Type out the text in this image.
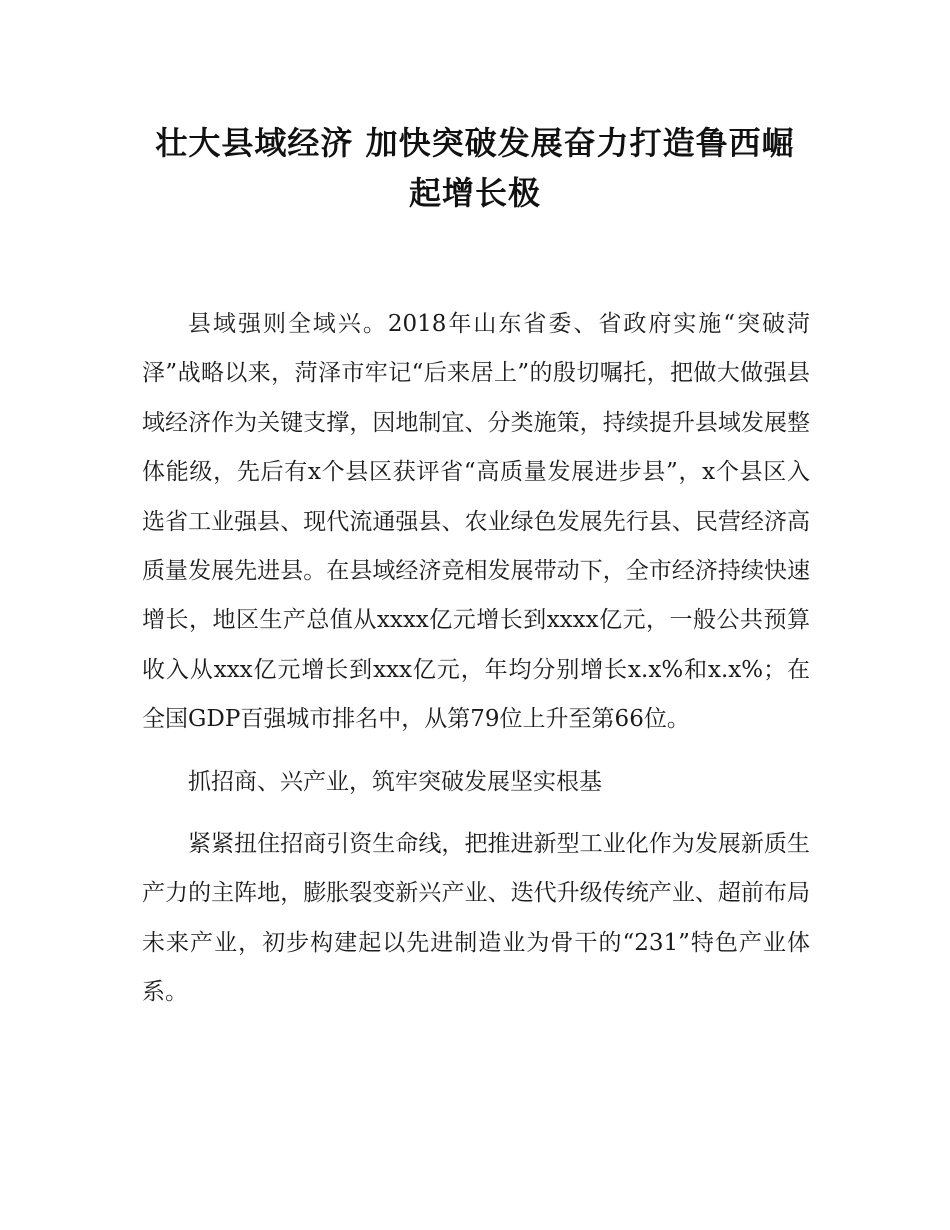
壮大县域经济 加快突破发展奋力打造鲁西崛
起增长极

县域强则全域兴。2018年山东省委、省政府实施“突破菏泽”战略以来，菏泽市牢记“后来居上”的殷切嘱托，把做大做强县域经济作为关键支撑，因地制宜、分类施策，持续提升县域发展整体能级，先后有x个县区获评省“高质量发展进步县”，x个县区入选省工业强县、现代流通强县、农业绿色发展先行县、民营经济高质量发展先进县。在县域经济竞相发展带动下，全市经济持续快速增长，地区生产总值从xxxx亿元增长到xxxx亿元，一般公共预算收入从xxx亿元增长到xxx亿元，年均分别增长x.x%和x.x%；在全国GDP百强城市排名中，从第79位上升至第66位。

抓招商、兴产业，筑牢突破发展坚实根基

紧紧扭住招商引资生命线，把推进新型工业化作为发展新质生产力的主阵地，膨胀裂变新兴产业、迭代升级传统产业、超前布局未来产业，初步构建起以先进制造业为骨干的“231”特色产业体系。
